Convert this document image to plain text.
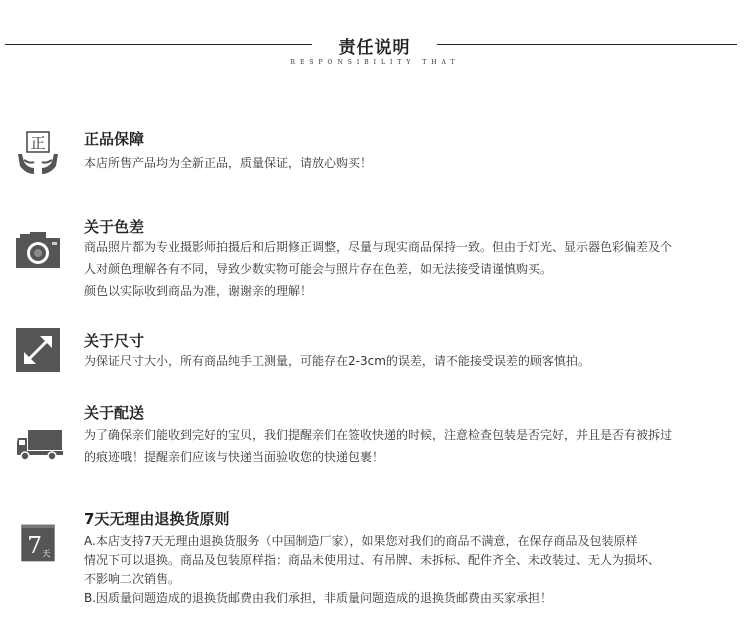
责任说明
RESPONSIBILITY THAT
正	正品保障
本店所售产品均为全新正品，质量保证，请放心购买！
关于色差
商品照片都为专业摄影师拍摄后和后期修正调整，尽量与现实商品保持一致。但由于灯光、显示器色彩偏差及个
人对颜色理解各有不同，导致少数实物可能会与照片存在色差，如无法接受请谨慎购买。
颜色以实际收到商品为准，谢谢亲的理解！
关于尺寸
为保证尺寸大小，所有商品纯手工测量，可能存在2-3cm的误差，请不能接受误差的顾客慎拍。
关于配送
为了确保亲们能收到完好的宝贝，我们提醒亲们在签收快递的时候，注意检查包装是否完好，并且是否有被拆过
的痕迹哦！提醒亲们应该与快递当面验收您的快递包裹！
7 天
7天无理由退换货原则
A.本店支持7天无理由退换货服务（中国制造厂家），如果您对我们的商品不满意，在保存商品及包装原样
情况下可以退换。商品及包装原样指：商品未使用过、有吊牌、未拆标、配件齐全、未改装过、无人为损坏、
不影响二次销售。
B.因质量问题造成的退换货邮费由我们承担，非质量问题造成的退换货邮费由买家承担！
